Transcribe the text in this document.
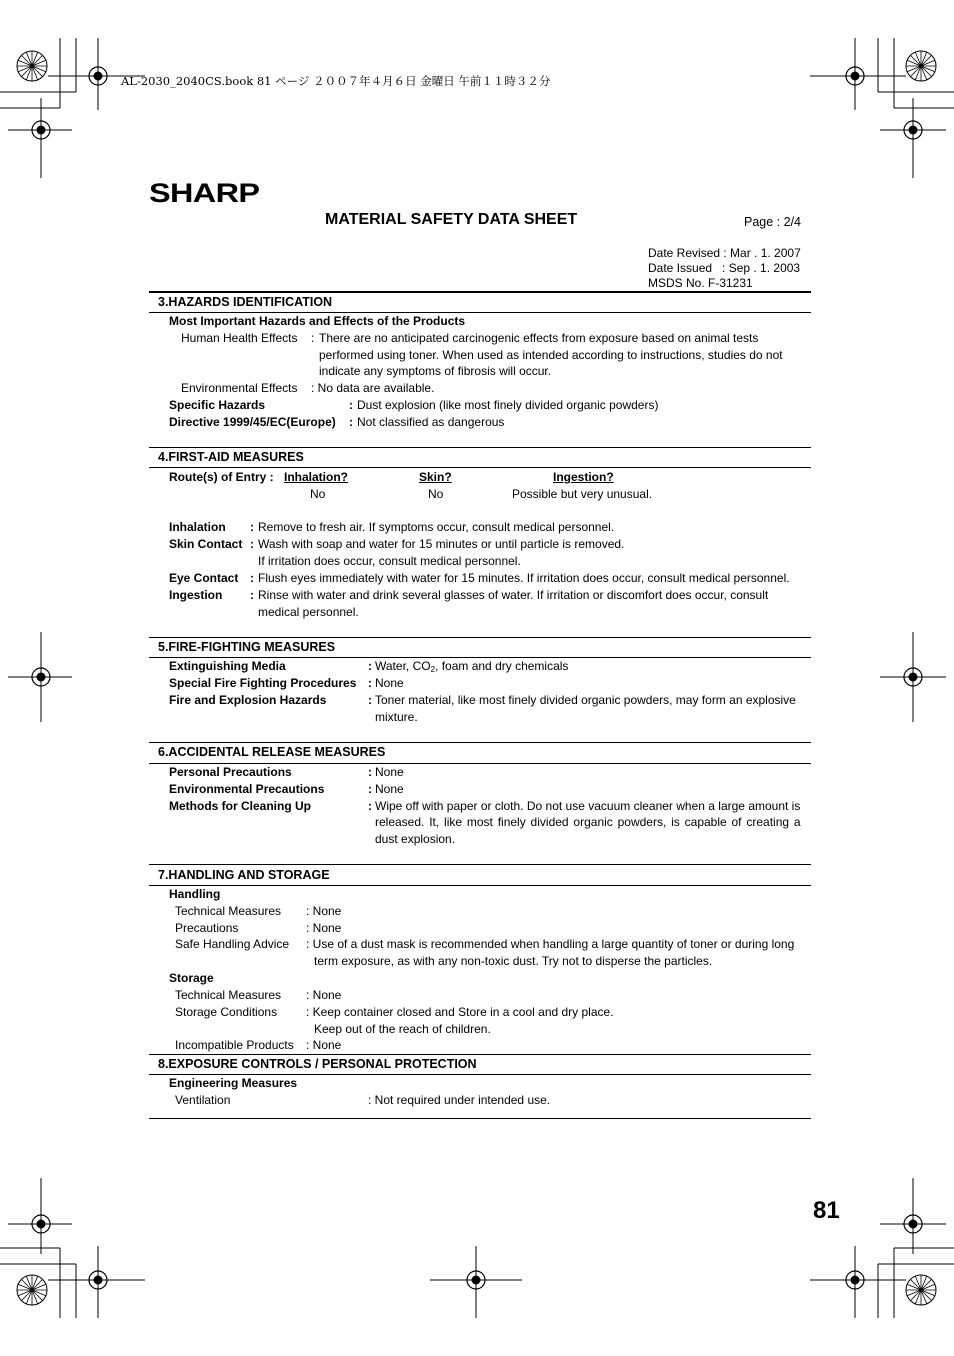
AL-2030_2040CS.book 81 ページ ２００７年４月６日 金曜日 午前１１時３２分
SHARP
MATERIAL SAFETY DATA SHEET	Page : 2/4
Date Revised : Mar . 1. 2007
Date Issued   : Sep . 1. 2003
MSDS No. F-31231
3.HAZARDS IDENTIFICATION
Most Important Hazards and Effects of the Products
Human Health Effects : There are no anticipated carcinogenic effects from exposure based on animal tests
performed using toner. When used as intended according to instructions, studies do not
indicate any symptoms of fibrosis will occur.
Environmental Effects : No data are available.
Specific Hazards	: Dust explosion (like most finely divided organic powders)
Directive 1999/45/EC(Europe) : Not classified as dangerous
4.FIRST-AID MEASURES
Route(s) of Entry : Inhalation?	Skin?	Ingestion?
No	No	Possible but very unusual.
Inhalation : Remove to fresh air. If symptoms occur, consult medical personnel.
Skin Contact : Wash with soap and water for 15 minutes or until particle is removed.
If irritation does occur, consult medical personnel.
Eye Contact : Flush eyes immediately with water for 15 minutes. If irritation does occur, consult medical personnel.
Ingestion : Rinse with water and drink several glasses of water. If irritation or discomfort does occur, consult
medical personnel.
5.FIRE-FIGHTING MEASURES
Extinguishing Media	: Water, $CO_2$, foam and dry chemicals
Special Fire Fighting Procedures : None
Fire and Explosion Hazards	: Toner material, like most finely divided organic powders, may form an explosive
mixture.
6.ACCIDENTAL RELEASE MEASURES
Personal Precautions	: None
Environmental Precautions	: None
Methods for Cleaning Up	: Wipe off with paper or cloth. Do not use vacuum cleaner when a large amount is
released. It, like most finely divided organic powders, is capable of creating a
dust explosion.
7.HANDLING AND STORAGE
Handling
Technical Measures : None
Precautions	: None
Safe Handling Advice : Use of a dust mask is recommended when handling a large quantity of toner or during long
term exposure, as with any non-toxic dust. Try not to disperse the particles.
Storage
Technical Measures : None
Storage Conditions : Keep container closed and Store in a cool and dry place.
Keep out of the reach of children.
Incompatible Products : None
8.EXPOSURE CONTROLS / PERSONAL PROTECTION
Engineering Measures
Ventilation	: Not required under intended use.
81
